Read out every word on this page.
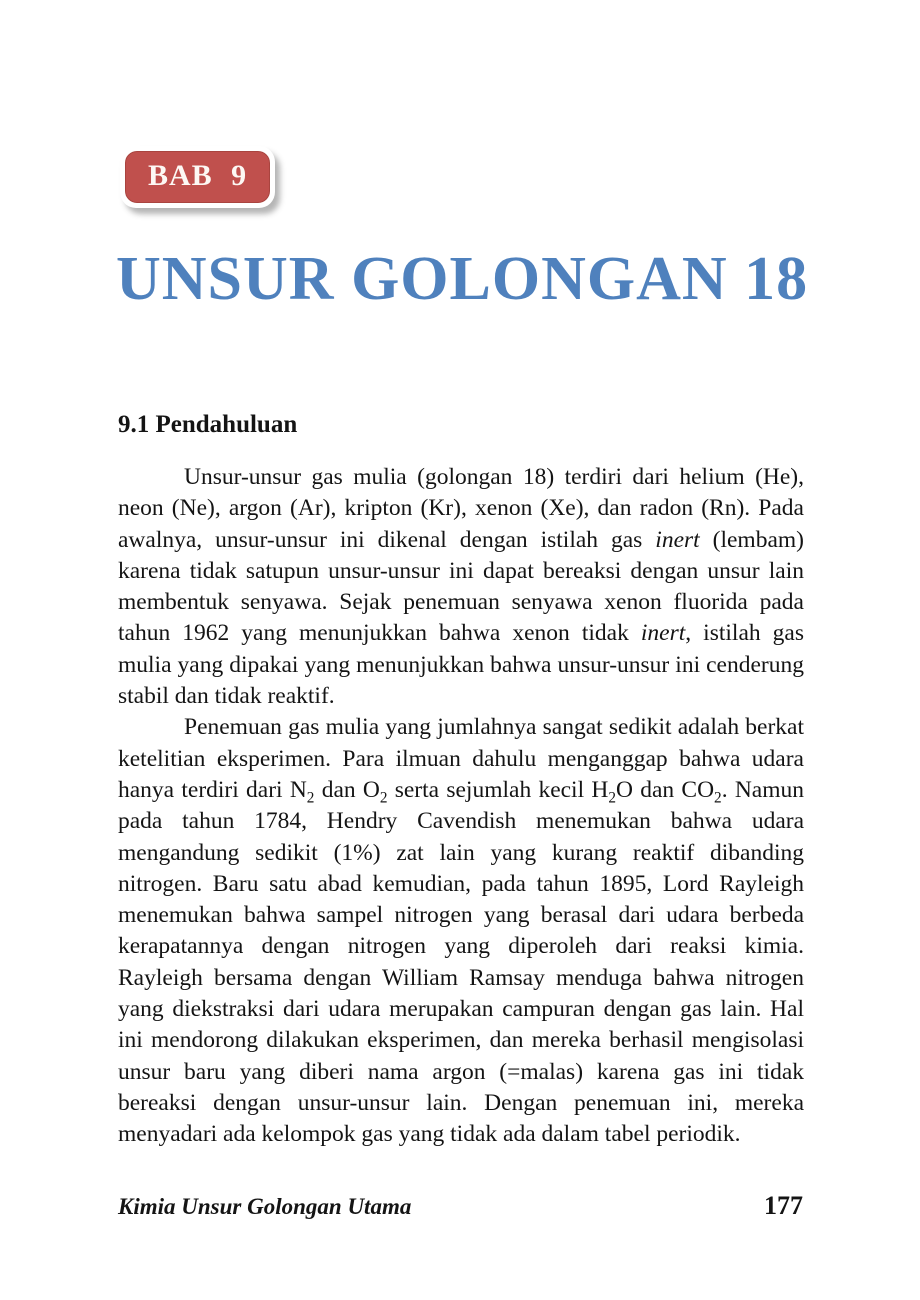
BAB 9
UNSUR GOLONGAN 18
9.1 Pendahuluan

Unsur-unsur gas mulia (golongan 18) terdiri dari helium (He), neon (Ne), argon (Ar), kripton (Kr), xenon (Xe), dan radon (Rn). Pada awalnya, unsur-unsur ini dikenal dengan istilah gas inert (lembam) karena tidak satupun unsur-unsur ini dapat bereaksi dengan unsur lain membentuk senyawa. Sejak penemuan senyawa xenon fluorida pada tahun 1962 yang menunjukkan bahwa xenon tidak inert, istilah gas mulia yang dipakai yang menunjukkan bahwa unsur-unsur ini cenderung stabil dan tidak reaktif.

Penemuan gas mulia yang jumlahnya sangat sedikit adalah berkat ketelitian eksperimen. Para ilmuan dahulu menganggap bahwa udara hanya terdiri dari $N_2$ dan $O_2$ serta sejumlah kecil $H_2O$ dan $CO_2$. Namun pada tahun 1784, Hendry Cavendish menemukan bahwa udara mengandung sedikit (1%) zat lain yang kurang reaktif dibanding nitrogen. Baru satu abad kemudian, pada tahun 1895, Lord Rayleigh menemukan bahwa sampel nitrogen yang berasal dari udara berbeda kerapatannya dengan nitrogen yang diperoleh dari reaksi kimia. Rayleigh bersama dengan William Ramsay menduga bahwa nitrogen yang diekstraksi dari udara merupakan campuran dengan gas lain. Hal ini mendorong dilakukan eksperimen, dan mereka berhasil mengisolasi unsur baru yang diberi nama argon (=malas) karena gas ini tidak bereaksi dengan unsur-unsur lain. Dengan penemuan ini, mereka menyadari ada kelompok gas yang tidak ada dalam tabel periodik.

Kimia Unsur Golongan Utama	177
